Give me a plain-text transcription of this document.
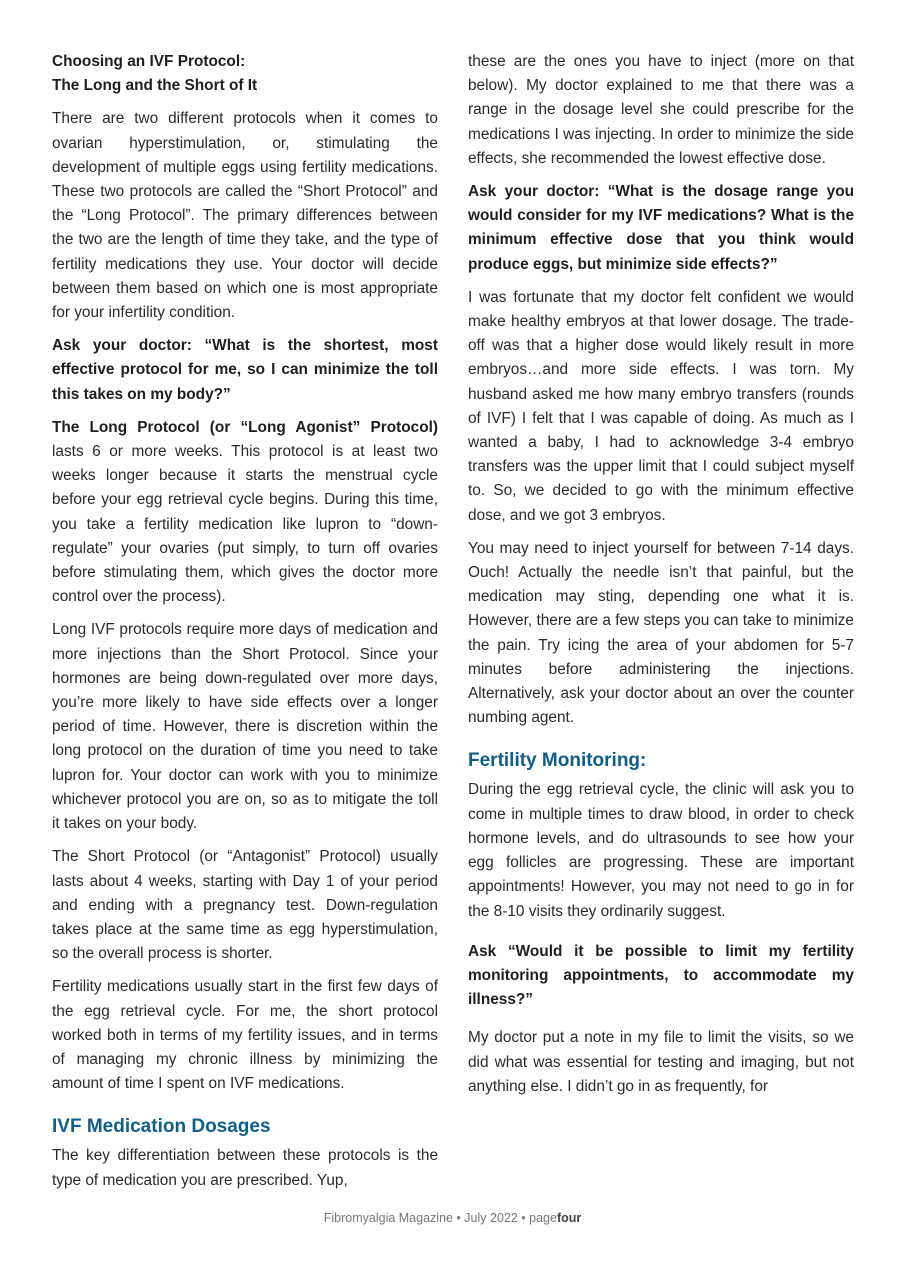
Choosing an IVF Protocol:
The Long and the Short of It

There are two different protocols when it comes to ovarian hyperstimulation, or, stimulating the development of multiple eggs using fertility medications. These two protocols are called the “Short Protocol” and the “Long Protocol”. The primary differences between the two are the length of time they take, and the type of fertility medications they use. Your doctor will decide between them based on which one is most appropriate for your infertility condition.

Ask your doctor: “What is the shortest, most effective protocol for me, so I can minimize the toll this takes on my body?”

The Long Protocol (or “Long Agonist” Protocol) lasts 6 or more weeks. This protocol is at least two weeks longer because it starts the menstrual cycle before your egg retrieval cycle begins. During this time, you take a fertility medication like lupron to “down-regulate” your ovaries (put simply, to turn off ovaries before stimulating them, which gives the doctor more control over the process).

Long IVF protocols require more days of medication and more injections than the Short Protocol. Since your hormones are being down-regulated over more days, you’re more likely to have side effects over a longer period of time. However, there is discretion within the long protocol on the duration of time you need to take lupron for. Your doctor can work with you to minimize whichever protocol you are on, so as to mitigate the toll it takes on your body.

The Short Protocol (or “Antagonist” Protocol) usually lasts about 4 weeks, starting with Day 1 of your period and ending with a pregnancy test. Down-regulation takes place at the same time as egg hyperstimulation, so the overall process is shorter.

Fertility medications usually start in the first few days of the egg retrieval cycle. For me, the short protocol worked both in terms of my fertility issues, and in terms of managing my chronic illness by minimizing the amount of time I spent on IVF medications.

IVF Medication Dosages

The key differentiation between these protocols is the type of medication you are prescribed. Yup,

these are the ones you have to inject (more on that below). My doctor explained to me that there was a range in the dosage level she could prescribe for the medications I was injecting. In order to minimize the side effects, she recommended the lowest effective dose.

Ask your doctor: “What is the dosage range you would consider for my IVF medications? What is the minimum effective dose that you think would produce eggs, but minimize side effects?”

I was fortunate that my doctor felt confident we would make healthy embryos at that lower dosage. The trade-off was that a higher dose would likely result in more embryos…and more side effects. I was torn. My husband asked me how many embryo transfers (rounds of IVF) I felt that I was capable of doing. As much as I wanted a baby, I had to acknowledge 3-4 embryo transfers was the upper limit that I could subject myself to. So, we decided to go with the minimum effective dose, and we got 3 embryos.

You may need to inject yourself for between 7-14 days. Ouch! Actually the needle isn’t that painful, but the medication may sting, depending one what it is. However, there are a few steps you can take to minimize the pain. Try icing the area of your abdomen for 5-7 minutes before administering the injections. Alternatively, ask your doctor about an over the counter numbing agent.

Fertility Monitoring:

During the egg retrieval cycle, the clinic will ask you to come in multiple times to draw blood, in order to check hormone levels, and do ultrasounds to see how your egg follicles are progressing. These are important appointments! However, you may not need to go in for the 8-10 visits they ordinarily suggest.

Ask “Would it be possible to limit my fertility monitoring appointments, to accommodate my illness?”

My doctor put a note in my file to limit the visits, so we did what was essential for testing and imaging, but not anything else. I didn’t go in as frequently, for

Fibromyalgia Magazine • July 2022 • pagefour
